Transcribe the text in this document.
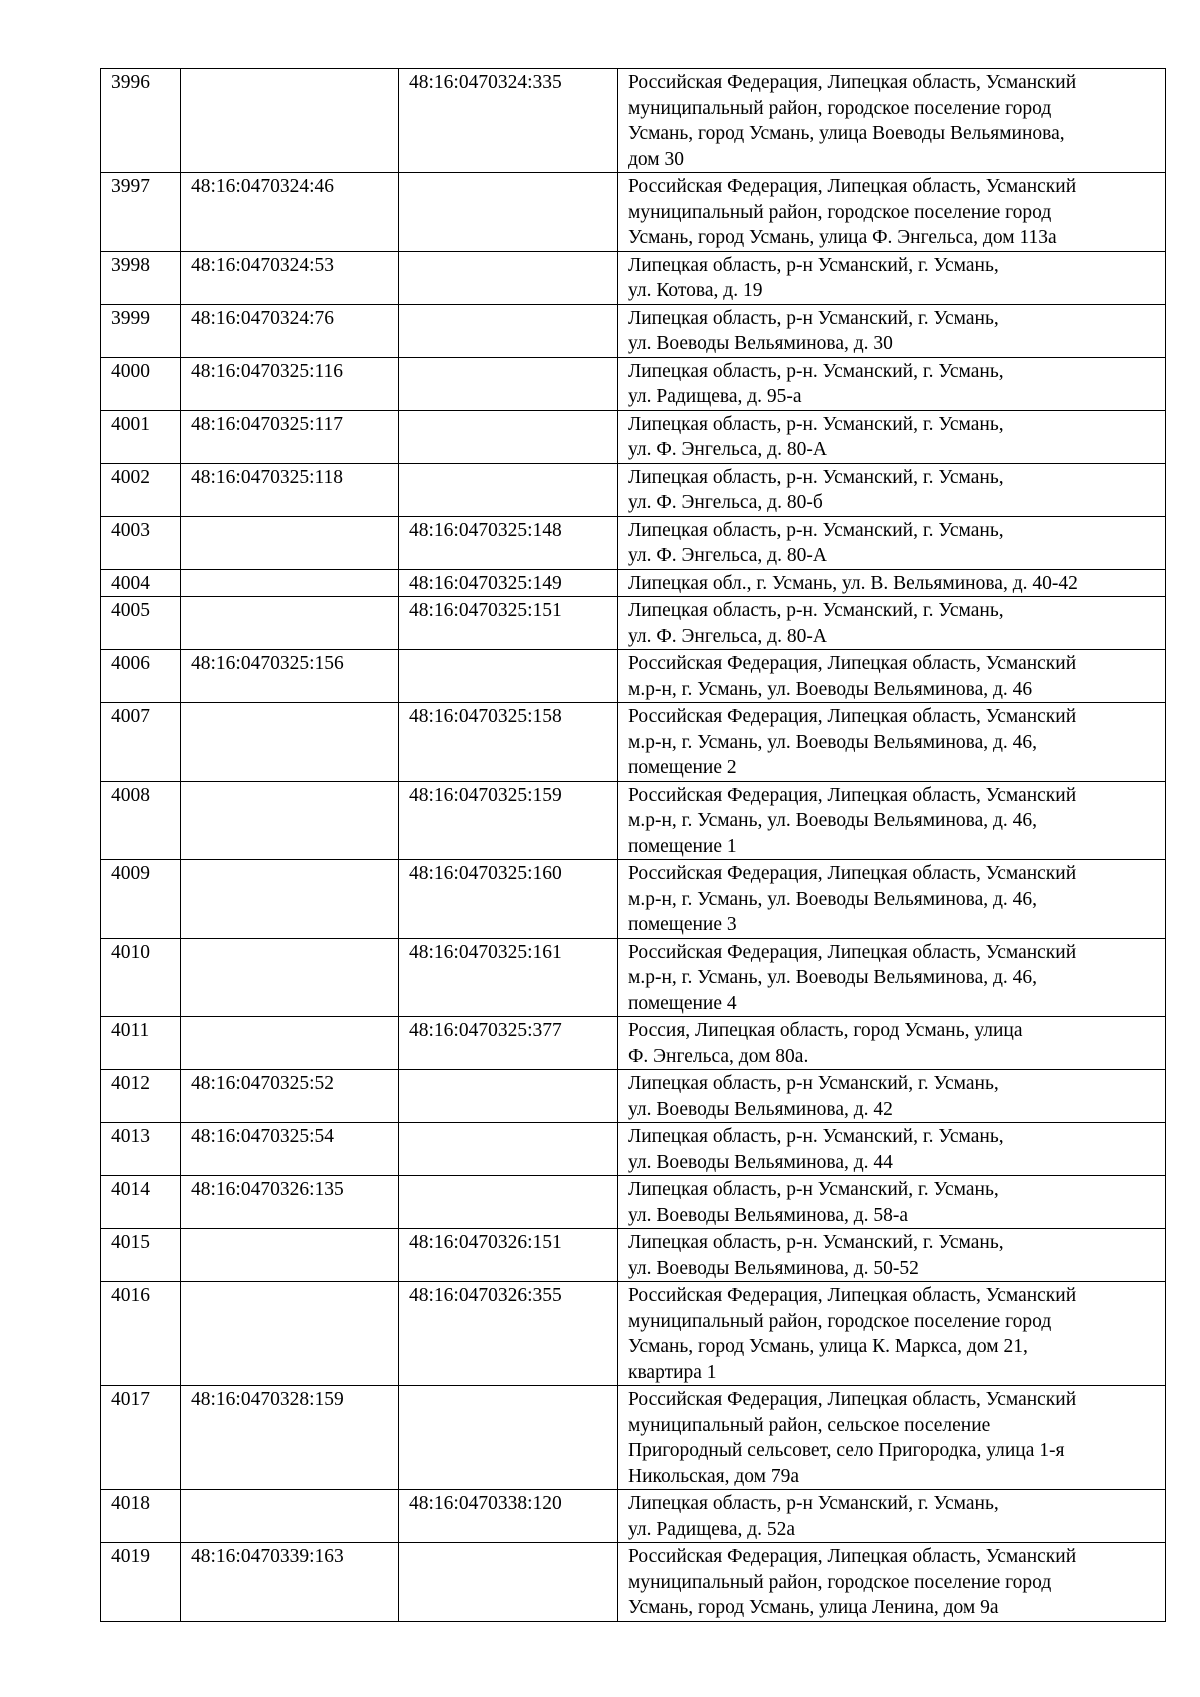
3996		48:16:0470324:335	Российская Федерация, Липецкая область, Усманский
муниципальный район, городское поселение город
Усмань, город Усмань, улица Воеводы Вельяминова,
дом 30
3997	48:16:0470324:46		Российская Федерация, Липецкая область, Усманский
муниципальный район, городское поселение город
Усмань, город Усмань, улица Ф. Энгельса, дом 113а
3998	48:16:0470324:53		Липецкая область, р-н Усманский, г. Усмань,
ул. Котова, д. 19
3999	48:16:0470324:76		Липецкая область, р-н Усманский, г. Усмань,
ул. Воеводы Вельяминова, д. 30
4000	48:16:0470325:116		Липецкая область, р-н. Усманский, г. Усмань,
ул. Радищева, д. 95-а
4001	48:16:0470325:117		Липецкая область, р-н. Усманский, г. Усмань,
ул. Ф. Энгельса, д. 80-А
4002	48:16:0470325:118		Липецкая область, р-н. Усманский, г. Усмань,
ул. Ф. Энгельса, д. 80-б
4003		48:16:0470325:148	Липецкая область, р-н. Усманский, г. Усмань,
ул. Ф. Энгельса, д. 80-А
4004		48:16:0470325:149	Липецкая обл., г. Усмань, ул. В. Вельяминова, д. 40-42
4005		48:16:0470325:151	Липецкая область, р-н. Усманский, г. Усмань,
ул. Ф. Энгельса, д. 80-А
4006	48:16:0470325:156		Российская Федерация, Липецкая область, Усманский
м.р-н, г. Усмань, ул. Воеводы Вельяминова, д. 46
4007		48:16:0470325:158	Российская Федерация, Липецкая область, Усманский
м.р-н, г. Усмань, ул. Воеводы Вельяминова, д. 46,
помещение 2
4008		48:16:0470325:159	Российская Федерация, Липецкая область, Усманский
м.р-н, г. Усмань, ул. Воеводы Вельяминова, д. 46,
помещение 1
4009		48:16:0470325:160	Российская Федерация, Липецкая область, Усманский
м.р-н, г. Усмань, ул. Воеводы Вельяминова, д. 46,
помещение 3
4010		48:16:0470325:161	Российская Федерация, Липецкая область, Усманский
м.р-н, г. Усмань, ул. Воеводы Вельяминова, д. 46,
помещение 4
4011		48:16:0470325:377	Россия, Липецкая область, город Усмань, улица
Ф. Энгельса, дом 80а.
4012	48:16:0470325:52		Липецкая область, р-н Усманский, г. Усмань,
ул. Воеводы Вельяминова, д. 42
4013	48:16:0470325:54		Липецкая область, р-н. Усманский, г. Усмань,
ул. Воеводы Вельяминова, д. 44
4014	48:16:0470326:135		Липецкая область, р-н Усманский, г. Усмань,
ул. Воеводы Вельяминова, д. 58-а
4015		48:16:0470326:151	Липецкая область, р-н. Усманский, г. Усмань,
ул. Воеводы Вельяминова, д. 50-52
4016		48:16:0470326:355	Российская Федерация, Липецкая область, Усманский
муниципальный район, городское поселение город
Усмань, город Усмань, улица К. Маркса, дом 21,
квартира 1
4017	48:16:0470328:159		Российская Федерация, Липецкая область, Усманский
муниципальный район, сельское поселение
Пригородный сельсовет, село Пригородка, улица 1-я
Никольская, дом 79а
4018		48:16:0470338:120	Липецкая область, р-н Усманский, г. Усмань,
ул. Радищева, д. 52а
4019	48:16:0470339:163		Российская Федерация, Липецкая область, Усманский
муниципальный район, городское поселение город
Усмань, город Усмань, улица Ленина, дом 9а
